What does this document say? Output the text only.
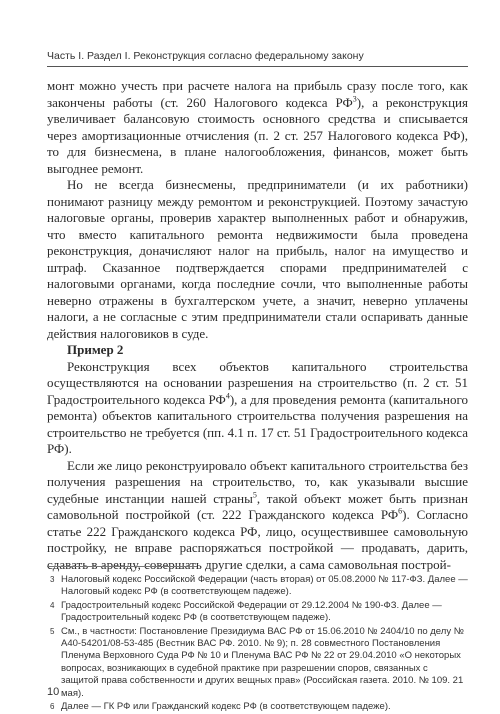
Часть I. Раздел I. Реконструкция согласно федеральному закону

монт можно учесть при расчете налога на прибыль сразу после того, как закончены работы (ст. 260 Налогового кодекса $РФ^3$), а реконструкция увеличивает балансовую стоимость основного средства и списывается через амортизационные отчисления (п. 2 ст. 257 Налогового кодекса РФ), то для бизнесмена, в плане налогообложения, финансов, может быть выгоднее ремонт.

Но не всегда бизнесмены, предприниматели (и их работники) понимают разницу между ремонтом и реконструкцией. Поэтому зачастую налоговые органы, проверив характер выполненных работ и обнаружив, что вместо капитального ремонта недвижимости была проведена реконструкция, доначисляют налог на прибыль, налог на имущество и штраф. Сказанное подтверждается спорами предпринимателей с налоговыми органами, когда последние сочли, что выполненные работы неверно отражены в бухгалтерском учете, а значит, неверно уплачены налоги, а не согласные с этим предприниматели стали оспаривать данные действия налоговиков в суде.

Пример 2

Реконструкция всех объектов капитального строительства осуществляются на основании разрешения на строительство (п. 2 ст. 51 Градостроительного кодекса $РФ^4$), а для проведения ремонта (капитального ремонта) объектов капитального строительства получения разрешения на строительство не требуется (пп. 4.1 п. 17 ст. 51 Градостроительного кодекса РФ).

Если же лицо реконструировало объект капитального строительства без получения разрешения на строительство, то, как указывали высшие судебные инстанции нашей страны$^5$, такой объект может быть признан самовольной постройкой (ст. 222 Гражданского кодекса $РФ^6$). Согласно статье 222 Гражданского кодекса РФ, лицо, осуществившее самовольную постройку, не вправе распоряжаться постройкой — продавать, дарить, сдавать в аренду, совершать другие сделки, а сама самовольная построй-

3 Налоговый кодекс Российской Федерации (часть вторая) от 05.08.2000 № 117-ФЗ. Далее — Налоговый кодекс РФ (в соответствующем падеже).
4 Градостроительный кодекс Российской Федерации от 29.12.2004 № 190-ФЗ. Далее — Градостроительный кодекс РФ (в соответствующем падеже).
5 См., в частности: Постановление Президиума ВАС РФ от 15.06.2010 № 2404/10 по делу № А40-54201/08-53-485 (Вестник ВАС РФ. 2010. № 9); п. 28 совместного Постановления Пленума Верховного Суда РФ № 10 и Пленума ВАС РФ № 22 от 29.04.2010 «О некоторых вопросах, возникающих в судебной практике при разрешении споров, связанных с защитой права собственности и других вещных прав» (Российская газета. 2010. № 109. 21 мая).
6 Далее — ГК РФ или Гражданский кодекс РФ (в соответствующем падеже).
10
